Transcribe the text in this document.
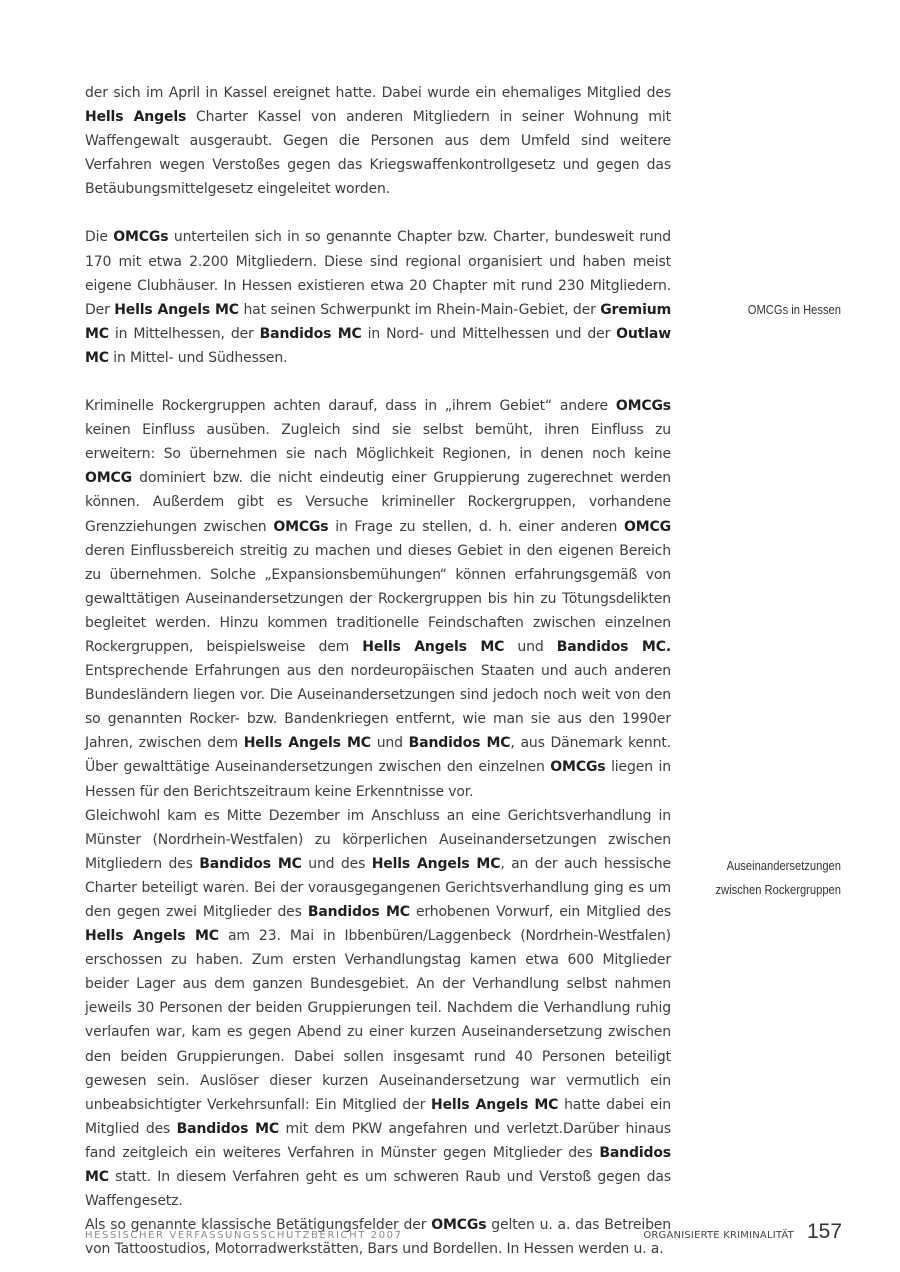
der sich im April in Kassel ereignet hatte. Dabei wurde ein ehemaliges Mitglied des Hells Angels Charter Kassel von anderen Mitgliedern in seiner Wohnung mit Waffengewalt ausgeraubt. Gegen die Personen aus dem Umfeld sind weitere Verfahren wegen Verstoßes gegen das Kriegswaffenkontrollgesetz und gegen das Betäubungsmittelgesetz eingeleitet worden.

Die OMCGs unterteilen sich in so genannte Chapter bzw. Charter, bundesweit rund 170 mit etwa 2.200 Mitgliedern. Diese sind regional organisiert und haben meist eigene Clubhäuser. In Hessen existieren etwa 20 Chapter mit rund 230 Mitgliedern. Der Hells Angels MC hat seinen Schwerpunkt im Rhein-Main-Gebiet, der Gremium MC in Mittelhessen, der Bandidos MC in Nord- und Mittelhessen und der Outlaw MC in Mittel- und Südhessen.

Kriminelle Rockergruppen achten darauf, dass in „ihrem Gebiet“ andere OMCGs keinen Einfluss ausüben. Zugleich sind sie selbst bemüht, ihren Einfluss zu erweitern: So übernehmen sie nach Möglichkeit Regionen, in denen noch keine OMCG dominiert bzw. die nicht eindeutig einer Gruppierung zugerechnet werden können. Außerdem gibt es Versuche krimineller Rockergruppen, vorhandene Grenzziehungen zwischen OMCGs in Frage zu stellen, d. h. einer anderen OMCG deren Einflussbereich streitig zu machen und dieses Gebiet in den eigenen Bereich zu übernehmen. Solche „Expansionsbemühungen“ können erfahrungsgemäß von gewalttätigen Auseinandersetzungen der Rockergruppen bis hin zu Tötungsdelikten begleitet werden. Hinzu kommen traditionelle Feindschaften zwischen einzelnen Rockergruppen, beispielsweise dem Hells Angels MC und Bandidos MC. Entsprechende Erfahrungen aus den nordeuropäischen Staaten und auch anderen Bundesländern liegen vor. Die Auseinandersetzungen sind jedoch noch weit von den so genannten Rocker- bzw. Bandenkriegen entfernt, wie man sie aus den 1990er Jahren, zwischen dem Hells Angels MC und Bandidos MC, aus Dänemark kennt. Über gewalttätige Auseinandersetzungen zwischen den einzelnen OMCGs liegen in Hessen für den Berichtszeitraum keine Erkenntnisse vor.

Gleichwohl kam es Mitte Dezember im Anschluss an eine Gerichtsverhandlung in Münster (Nordrhein-Westfalen) zu körperlichen Auseinandersetzungen zwischen Mitgliedern des Bandidos MC und des Hells Angels MC, an der auch hessische Charter beteiligt waren. Bei der vorausgegangenen Gerichtsverhandlung ging es um den gegen zwei Mitglieder des Bandidos MC erhobenen Vorwurf, ein Mitglied des Hells Angels MC am 23. Mai in Ibbenbüren/Laggenbeck (Nordrhein-Westfalen) erschossen zu haben. Zum ersten Verhandlungstag kamen etwa 600 Mitglieder beider Lager aus dem ganzen Bundesgebiet. An der Verhandlung selbst nahmen jeweils 30 Personen der beiden Gruppierungen teil. Nachdem die Verhandlung ruhig verlaufen war, kam es gegen Abend zu einer kurzen Auseinandersetzung zwischen den beiden Gruppierungen. Dabei sollen insgesamt rund 40 Personen beteiligt gewesen sein. Auslöser dieser kurzen Auseinandersetzung war vermutlich ein unbeabsichtigter Verkehrsunfall: Ein Mitglied der Hells Angels MC hatte dabei ein Mitglied des Bandidos MC mit dem PKW angefahren und verletzt.Darüber hinaus fand zeitgleich ein weiteres Verfahren in Münster gegen Mitglieder des Bandidos MC statt. In diesem Verfahren geht es um schweren Raub und Verstoß gegen das Waffengesetz.

Als so genannte klassische Betätigungsfelder der OMCGs gelten u. a. das Betreiben von Tattoostudios, Motorradwerkstätten, Bars und Bordellen. In Hessen werden u. a.

OMCGs in Hessen
Auseinandersetzungen
zwischen Rockergruppen
HESSISCHER VERFASSUNGSSCHUTZBERICHT 2007	ORGANISIERTE KRIMINALITÄT 157
